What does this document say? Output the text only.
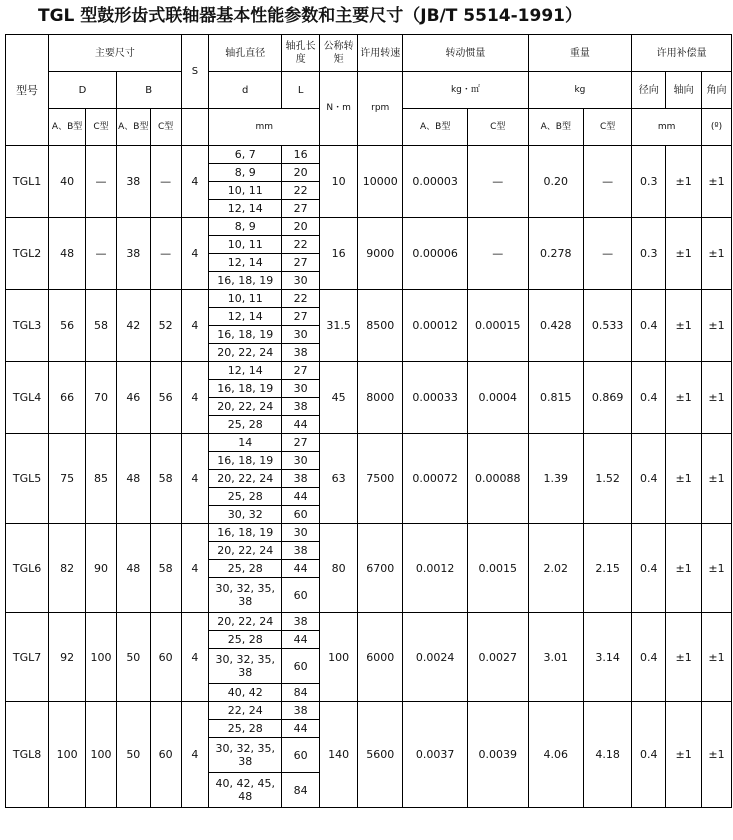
TGL 型鼓形齿式联轴器基本性能参数和主要尺寸（JB/T 5514-1991）
型号	主要尺寸				S	轴孔直径	轴孔长度	公称转矩	许用转速	转动惯量		重量		许用补偿量		
	D		B			d	L	N・m	rpm	kg・㎡		kg		径向	轴向	角向
	A、B型	C型	A、B型	C型		mm				A、B型	C型	A、B型	C型	mm		(º)
TGL1	40	—	38	—	4	6, 7	16	10	10000	0.00003	—	0.20	—	0.3	±1	±1
						8, 9	20									
						10, 11	22									
						12, 14	27									
TGL2	48	—	38	—	4	8, 9	20	16	9000	0.00006	—	0.278	—	0.3	±1	±1
						10, 11	22									
						12, 14	27									
						16, 18, 19	30									
TGL3	56	58	42	52	4	10, 11	22	31.5	8500	0.00012	0.00015	0.428	0.533	0.4	±1	±1
						12, 14	27									
						16, 18, 19	30									
						20, 22, 24	38									
TGL4	66	70	46	56	4	12, 14	27	45	8000	0.00033	0.0004	0.815	0.869	0.4	±1	±1
						16, 18, 19	30									
						20, 22, 24	38									
						25, 28	44									
TGL5	75	85	48	58	4	14	27	63	7500	0.00072	0.00088	1.39	1.52	0.4	±1	±1
						16, 18, 19	30									
						20, 22, 24	38									
						25, 28	44									
						30, 32	60									
TGL6	82	90	48	58	4	16, 18, 19	30	80	6700	0.0012	0.0015	2.02	2.15	0.4	±1	±1
						20, 22, 24	38									
						25, 28	44									
						30, 32, 35, 38	60									
TGL7	92	100	50	60	4	20, 22, 24	38	100	6000	0.0024	0.0027	3.01	3.14	0.4	±1	±1
						25, 28	44									
						30, 32, 35, 38	60									
						40, 42	84									
TGL8	100	100	50	60	4	22, 24	38	140	5600	0.0037	0.0039	4.06	4.18	0.4	±1	±1
						25, 28	44									
						30, 32, 35, 38	60									
						40, 42, 45, 48	84									
